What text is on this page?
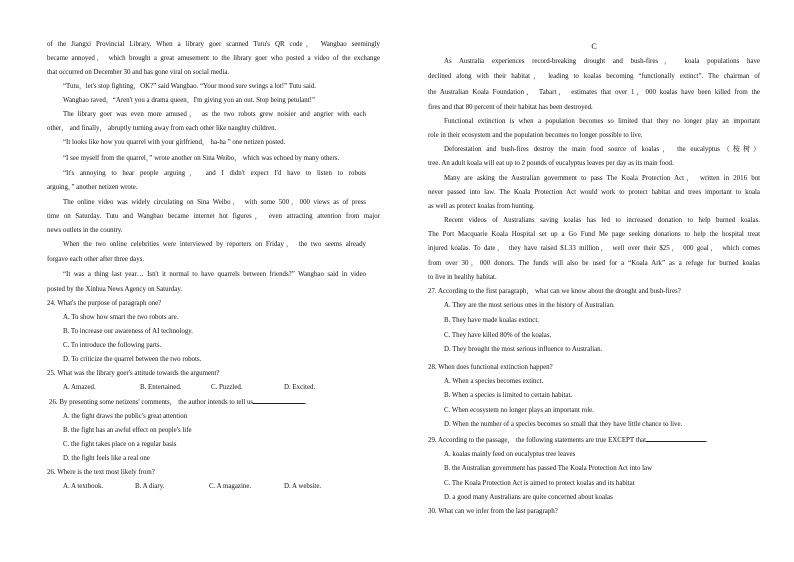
of the Jiangxi Provincial Library. When a library goer scanned Tutu's QR code， Wangbao seemingly
became annoyed， which brought a great amusement to the library goer who posted a video of the exchange
that occurred on December 30 and has gone viral on social media.
“Tutu，let's stop fighting，OK?” said Wangbao. “Your mood sure swings a lot!” Tutu said.
Wangbao raved，“Aren't you a drama queen，I'm giving you an out. Stop being petulant!”
The library goer was even more amused， as the two robots grew noisier and angrier with each
other， and finally， abruptly turning away from each other like naughty children.
“It looks like how you quarrel with your girlfriend， ha-ha ” one netizen posted.
“I see myself from the quarrel，” wrote another on Sina Weibo， which was echoed by many others.
“It's annoying to hear people arguing， and I didn't expect I'd have to listen to robots
arguing，” another netizen wrote.
The online video was widely circulating on Sina Weibo， with some 500，000 views as of press
time on Saturday. Tutu and Wangbao became internet hot figures， even attracting attention from major
news outlets in the country.
When the two online celebrities were interviewed by reporters on Friday， the two seems already
forgave each other after three days.
“It was a thing last year… Isn't it normal to have quarrels between friends?” Wangbao said in video
posted by the Xinhua News Agency on Saturday.
24. What's the purpose of paragraph one?
A. To show how smart the two robots are.
B. To increase our awareness of AI technology.
C. To introduce the following parts.
D. To criticize the quarrel between the two robots.
25. What was the library goer's attitude towards the argument?
A. Amazed.	B. Entertained.	C. Puzzled.	D. Excited.
26. By presenting some netizens' comments， the author intends to tell us	.
A. the fight draws the public's great attention
B. the fight has an awful effect on people's life
C. the fight takes place on a regular basis
D. the fight feels like a real one
26. Where is the text most likely from?
A. A textbook.	B. A diary.	C. A magazine.	D. A website.
C
As Australia experiences record-breaking drought and bush-fires， koala populations have
declined along with their habitat， leading to koalas becoming “functionally extinct”. The chairman of
the Australian Koala Foundation， Tabart， estimates that over 1，000 koalas have been killed from the
fires and that 80 percent of their habitat has been destroyed.
Functional extinction is when a population becomes so limited that they no longer play an important
role in their ecosystem and the population becomes no longer possible to live.
Deforestation and bush-fires destroy the main food source of koalas， the eucalyptus（桉树）
tree. An adult koala will eat up to 2 pounds of eucalyptus leaves per day as its main food.
Many are asking the Australian government to pass The Koala Protection Act， written in 2016 but
never passed into law. The Koala Protection Act would work to protect habitat and trees important to koala
as well as protect koalas from hunting.
Recent videos of Australians saving koalas has led to increased donation to help burned koalas.
The Port Macquarie Koala Hospital set up a Go Fund Me page seeking donations to help the hospital treat
injured koalas. To date， they have raised $1.33 million， well over their $25， 000 goal， which comes
from over 30，000 donors. The funds will also be used for a “Koala Ark” as a refuge for burned koalas
to live in healthy habitat.
27. According to the first paragraph， what can we know about the drought and bush-fires?
A. They are the most serious ones in the history of Australian.
B. They have made koalas extinct.
C. They have killed 80% of the koalas.
D. They brought the most serious influence to Australian.
28. When does functional extinction happen?
A. When a species becomes extinct.
B. When a species is limited to certain habitat.
C. When ecosystem no longer plays an important role.
D. When the number of a species becomes so small that they have little chance to live.
29. According to the passage， the following statements are true EXCEPT that	.
A. koalas mainly feed on eucalyptus tree leaves
B. the Australian government has passed The Koala Protection Act into law
C. The Koala Protection Act is aimed to protect koalas and its habitat
D. a good many Australians are quite concerned about koalas
30. What can we infer from the last paragraph?
